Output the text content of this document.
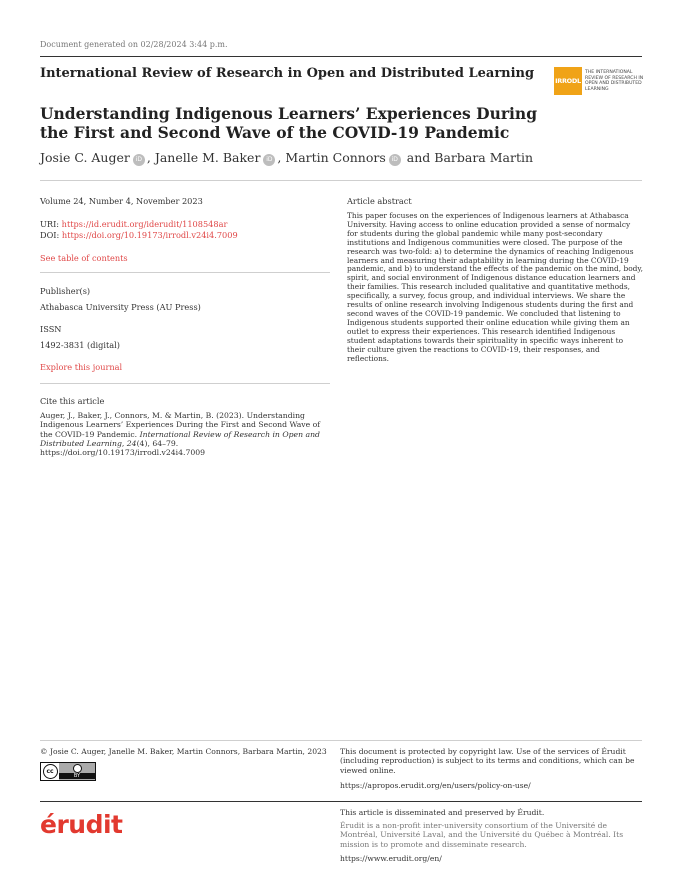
Document generated on 02/28/2024 3:44 p.m.
International Review of Research in Open and Distributed Learning	IRRODL
THE INTERNATIONAL REVIEW OF RESEARCH IN OPEN AND DISTRIBUTED LEARNING
Understanding Indigenous Learners’ Experiences During the First and Second Wave of the COVID-19 Pandemic
Josie C. Auger iD , Janelle M. Baker iD , Martin Connors iD and Barbara Martin
Volume 24, Number 4, November 2023
URI: https://id.erudit.org/iderudit/1108548ar
DOI: https://doi.org/10.19173/irrodl.v24i4.7009
See table of contents
Publisher(s)
Athabasca University Press (AU Press)
ISSN
1492-3831 (digital)
Explore this journal
Cite this article
Auger, J., Baker, J., Connors, M. & Martin, B. (2023). Understanding Indigenous Learners’ Experiences During the First and Second Wave of the COVID-19 Pandemic. International Review of Research in Open and Distributed Learning, 24(4), 64–79. https://doi.org/10.19173/irrodl.v24i4.7009
Article abstract
This paper focuses on the experiences of Indigenous learners at Athabasca University. Having access to online education provided a sense of normalcy for students during the global pandemic while many post-secondary institutions and Indigenous communities were closed. The purpose of the research was two-fold: a) to determine the dynamics of reaching Indigenous learners and measuring their adaptability in learning during the COVID-19 pandemic, and b) to understand the effects of the pandemic on the mind, body, spirit, and social environment of Indigenous distance education learners and their families. This research included qualitative and quantitative methods, specifically, a survey, focus group, and individual interviews. We share the results of online research involving Indigenous students during the first and second waves of the COVID-19 pandemic. We concluded that listening to Indigenous students supported their online education while giving them an outlet to express their experiences. This research identified Indigenous student adaptations towards their spirituality in specific ways inherent to their culture given the reactions to COVID-19, their responses, and reflections.
© Josie C. Auger, Janelle M. Baker, Martin Connors, Barbara Martin, 2023
cc
BY
This document is protected by copyright law. Use of the services of Érudit (including reproduction) is subject to its terms and conditions, which can be viewed online.
https://apropos.erudit.org/en/users/policy-on-use/
érudit	This article is disseminated and preserved by Érudit.
Érudit is a non-profit inter-university consortium of the Université de Montréal, Université Laval, and the Université du Québec à Montréal. Its mission is to promote and disseminate research.
https://www.erudit.org/en/
